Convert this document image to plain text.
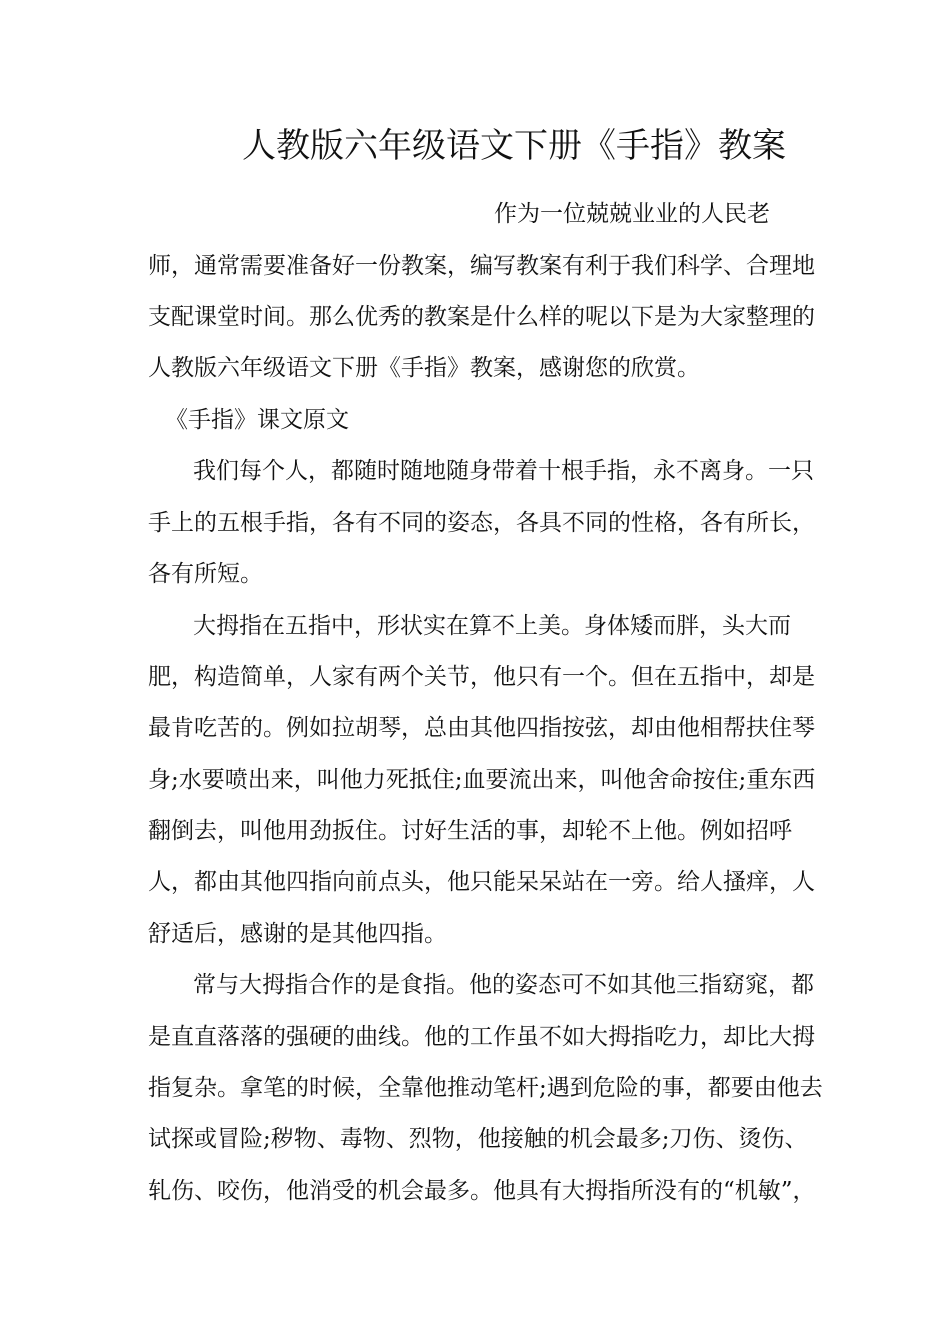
人教版六年级语文下册《手指》教案

作为一位兢兢业业的人民老

师，通常需要准备好一份教案，编写教案有利于我们科学、合理地

支配课堂时间。那么优秀的教案是什么样的呢以下是为大家整理的

人教版六年级语文下册《手指》教案，感谢您的欣赏。

《手指》课文原文

我们每个人，都随时随地随身带着十根手指，永不离身。一只

手上的五根手指，各有不同的姿态，各具不同的性格，各有所长，

各有所短。

大拇指在五指中，形状实在算不上美。身体矮而胖，头大而

肥，构造简单，人家有两个关节，他只有一个。但在五指中，却是

最肯吃苦的。例如拉胡琴，总由其他四指按弦，却由他相帮扶住琴

身;水要喷出来，叫他力死抵住;血要流出来，叫他舍命按住;重东西

翻倒去，叫他用劲扳住。讨好生活的事，却轮不上他。例如招呼

人，都由其他四指向前点头，他只能呆呆站在一旁。给人搔痒，人

舒适后，感谢的是其他四指。

常与大拇指合作的是食指。他的姿态可不如其他三指窈窕，都

是直直落落的强硬的曲线。他的工作虽不如大拇指吃力，却比大拇

指复杂。拿笔的时候，全靠他推动笔杆;遇到危险的事，都要由他去

试探或冒险;秽物、毒物、烈物，他接触的机会最多;刀伤、烫伤、

轧伤、咬伤，他消受的机会最多。他具有大拇指所没有的“机敏”，
